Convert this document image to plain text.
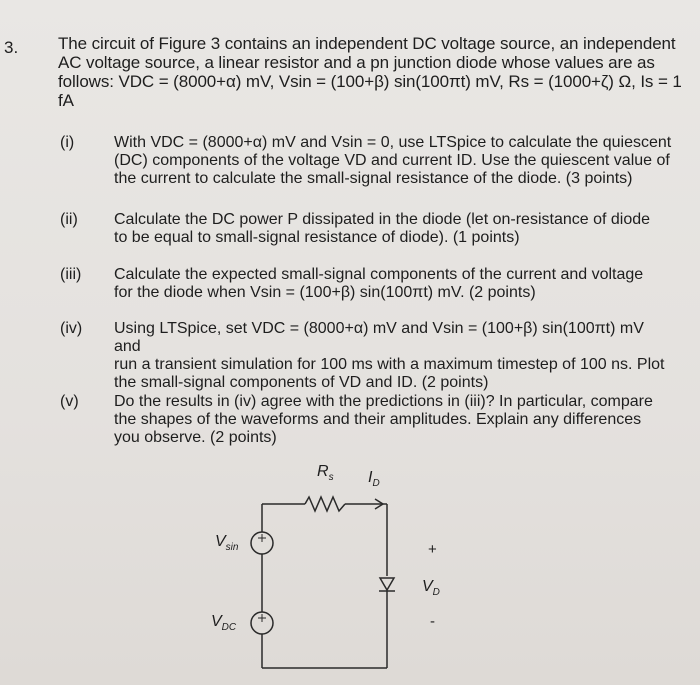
3. The circuit of Figure 3 contains an independent DC voltage source, an independent
AC voltage source, a linear resistor and a pn junction diode whose values are as
follows: VDC = (8000+α) mV, Vsin = (100+β) sin(100πt) mV, Rs = (1000+ζ) Ω, Is = 1 fA
(i)	With VDC = (8000+α) mV and Vsin = 0, use LTSpice to calculate the quiescent
(DC) components of the voltage VD and current ID. Use the quiescent value of
the current to calculate the small-signal resistance of the diode. (3 points)
(ii)	Calculate the DC power P dissipated in the diode (let on-resistance of diode
to be equal to small-signal resistance of diode). (1 points)
(iii)	Calculate the expected small-signal components of the current and voltage
for the diode when Vsin = (100+β) sin(100πt) mV. (2 points)
(iv)	Using LTSpice, set VDC = (8000+α) mV and Vsin = (100+β) sin(100πt) mV and
run a transient simulation for 100 ms with a maximum timestep of 100 ns. Plot
the small-signal components of VD and ID. (2 points)
(v)	Do the results in (iv) agree with the predictions in (iii)? In particular, compare
the shapes of the waveforms and their amplitudes. Explain any differences
you observe. (2 points)
$R_s$ $I_D$
$V_{sin}$
$V_{DC}$
+
$V_D$
-
